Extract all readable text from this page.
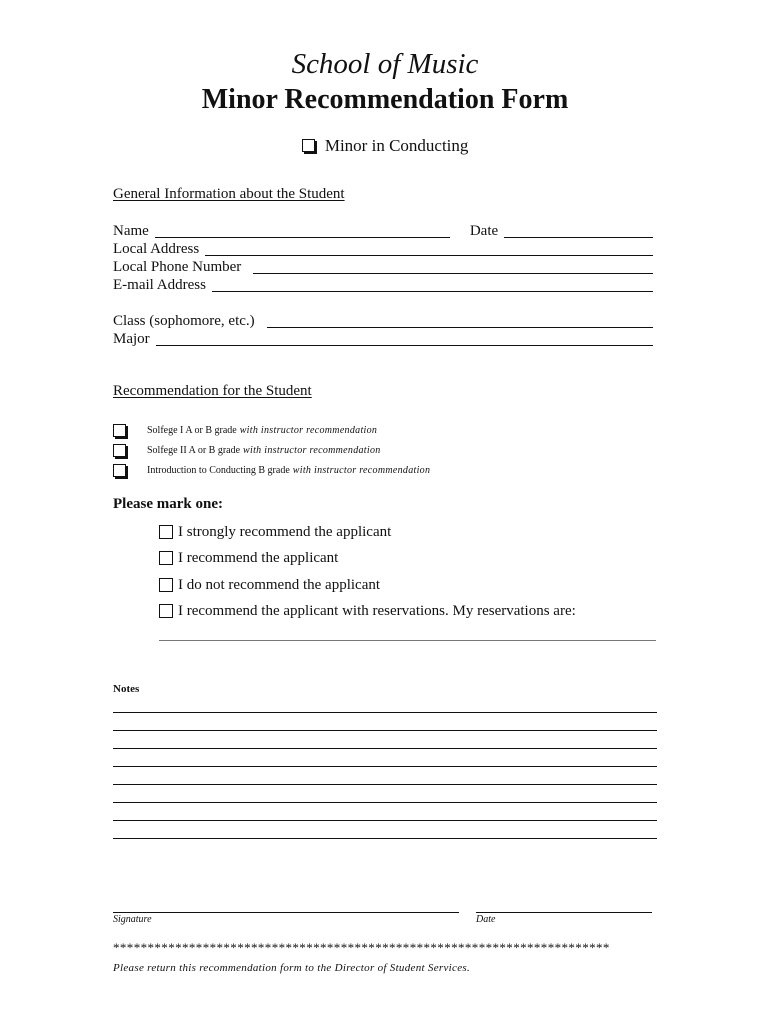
School of Music
Minor Recommendation Form
Minor in Conducting
General Information about the Student
Name	Date
Local Address
Local Phone Number
E-mail Address
Class (sophomore, etc.)
Major
Recommendation for the Student
Solfege I A or B grade with instructor recommendation
Solfege II A or B grade with instructor recommendation
Introduction to Conducting B grade with instructor recommendation
Please mark one:
I strongly recommend the applicant
I recommend the applicant
I do not recommend the applicant
I recommend the applicant with reservations. My reservations are:
Notes
Signature	Date
************************************************************************
Please return this recommendation form to the Director of Student Services.
